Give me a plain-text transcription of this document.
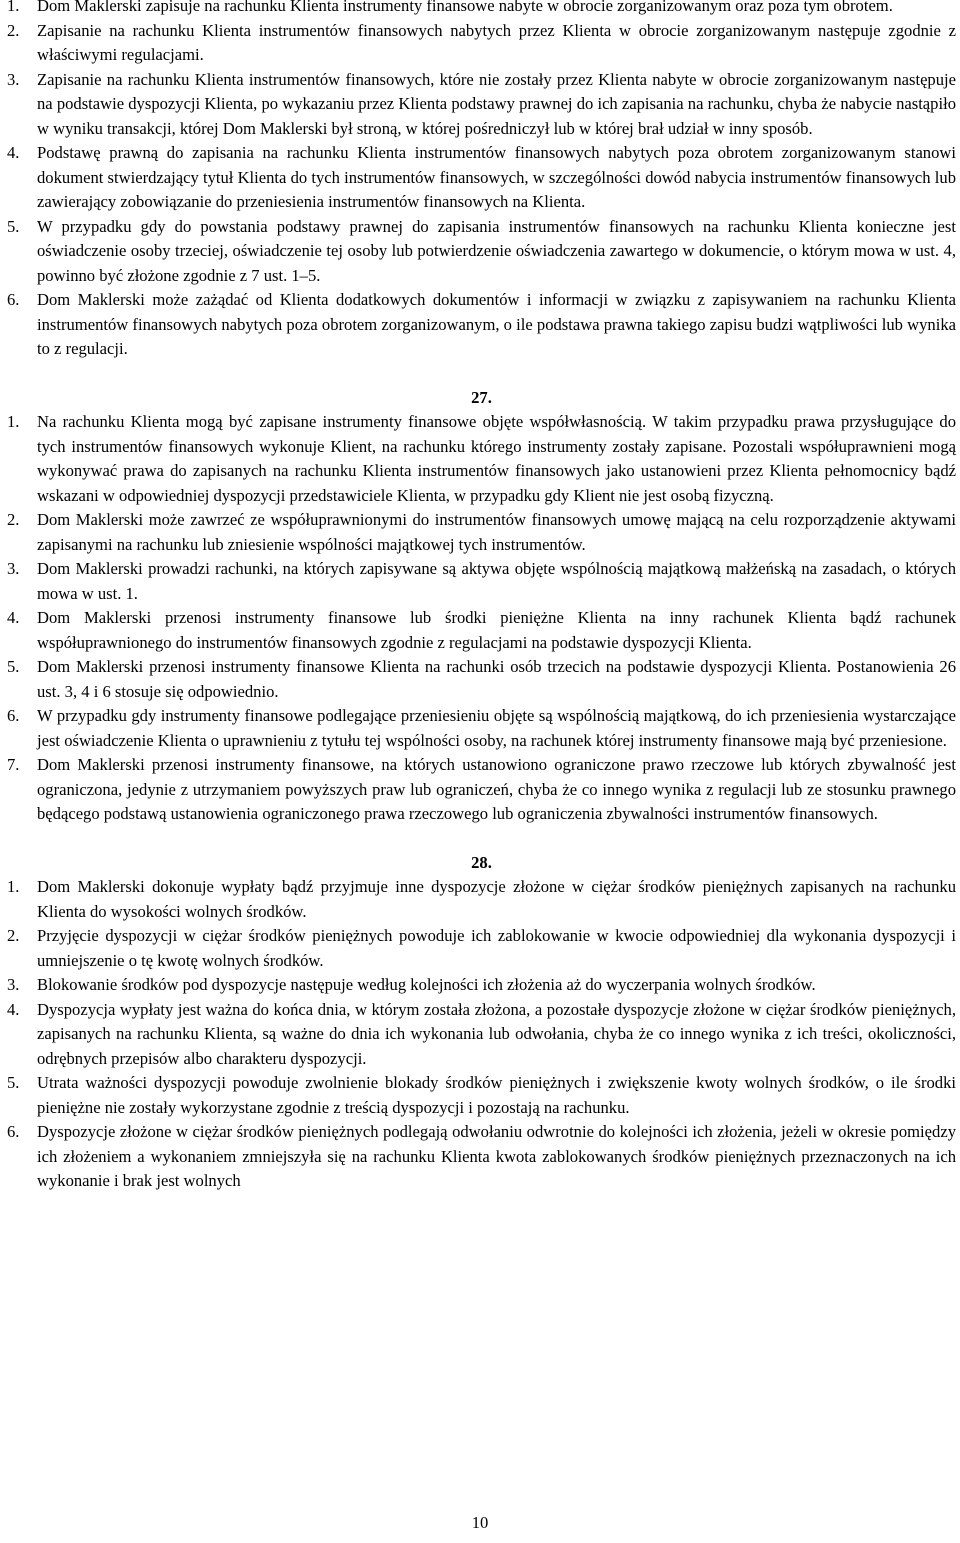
1.	Dom Maklerski zapisuje na rachunku Klienta instrumenty finansowe nabyte w obrocie zorganizowanym oraz poza tym obrotem.

2.	Zapisanie na rachunku Klienta instrumentów finansowych nabytych przez Klienta w obrocie zorganizowanym następuje zgodnie z właściwymi regulacjami.

3.	Zapisanie na rachunku Klienta instrumentów finansowych, które nie zostały przez Klienta nabyte w obrocie zorganizowanym następuje na podstawie dyspozycji Klienta, po wykazaniu przez Klienta podstawy prawnej do ich zapisania na rachunku, chyba że nabycie nastąpiło w wyniku transakcji, której Dom Maklerski był stroną, w której pośredniczył lub w której brał udział w inny sposób.

4.	Podstawę prawną do zapisania na rachunku Klienta instrumentów finansowych nabytych poza obrotem zorganizowanym stanowi dokument stwierdzający tytuł Klienta do tych instrumentów finansowych, w szczególności dowód nabycia instrumentów finansowych lub zawierający zobowiązanie do przeniesienia instrumentów finansowych na Klienta.

5.	W przypadku gdy do powstania podstawy prawnej do zapisania instrumentów finansowych na rachunku Klienta konieczne jest oświadczenie osoby trzeciej, oświadczenie tej osoby lub potwierdzenie oświadczenia zawartego w dokumencie, o którym mowa w ust. 4, powinno być złożone zgodnie z 7 ust. 1–5.

6.	Dom Maklerski może zażądać od Klienta dodatkowych dokumentów i informacji w związku z zapisywaniem na rachunku Klienta instrumentów finansowych nabytych poza obrotem zorganizowanym, o ile podstawa prawna takiego zapisu budzi wątpliwości lub wynika to z regulacji.

27.

1.	Na rachunku Klienta mogą być zapisane instrumenty finansowe objęte współwłasnością. W takim przypadku prawa przysługujące do tych instrumentów finansowych wykonuje Klient, na rachunku którego instrumenty zostały zapisane. Pozostali współuprawnieni mogą wykonywać prawa do zapisanych na rachunku Klienta instrumentów finansowych jako ustanowieni przez Klienta pełnomocnicy bądź wskazani w odpowiedniej dyspozycji przedstawiciele Klienta, w przypadku gdy Klient nie jest osobą fizyczną.

2.	Dom Maklerski może zawrzeć ze współuprawnionymi do instrumentów finansowych umowę mającą na celu rozporządzenie aktywami zapisanymi na rachunku lub zniesienie wspólności majątkowej tych instrumentów.

3.	Dom Maklerski prowadzi rachunki, na których zapisywane są aktywa objęte wspólnością majątkową małżeńską na zasadach, o których mowa w ust. 1.

4.	Dom Maklerski przenosi instrumenty finansowe lub środki pieniężne Klienta na inny rachunek Klienta bądź rachunek współuprawnionego do instrumentów finansowych zgodnie z regulacjami na podstawie dyspozycji Klienta.

5.	Dom Maklerski przenosi instrumenty finansowe Klienta na rachunki osób trzecich na podstawie dyspozycji Klienta. Postanowienia 26 ust. 3, 4 i 6 stosuje się odpowiednio.

6.	W przypadku gdy instrumenty finansowe podlegające przeniesieniu objęte są wspólnością majątkową, do ich przeniesienia wystarczające jest oświadczenie Klienta o uprawnieniu z tytułu tej wspólności osoby, na rachunek której instrumenty finansowe mają być przeniesione.

7.	Dom Maklerski przenosi instrumenty finansowe, na których ustanowiono ograniczone prawo rzeczowe lub których zbywalność jest ograniczona, jedynie z utrzymaniem powyższych praw lub ograniczeń, chyba że co innego wynika z regulacji lub ze stosunku prawnego będącego podstawą ustanowienia ograniczonego prawa rzeczowego lub ograniczenia zbywalności instrumentów finansowych.

28.

1.	Dom Maklerski dokonuje wypłaty bądź przyjmuje inne dyspozycje złożone w ciężar środków pieniężnych zapisanych na rachunku Klienta do wysokości wolnych środków.

2.	Przyjęcie dyspozycji w ciężar środków pieniężnych powoduje ich zablokowanie w kwocie odpowiedniej dla wykonania dyspozycji i umniejszenie o tę kwotę wolnych środków.

3.	Blokowanie środków pod dyspozycje następuje według kolejności ich złożenia aż do wyczerpania wolnych środków.

4.	Dyspozycja wypłaty jest ważna do końca dnia, w którym została złożona, a pozostałe dyspozycje złożone w ciężar środków pieniężnych, zapisanych na rachunku Klienta, są ważne do dnia ich wykonania lub odwołania, chyba że co innego wynika z ich treści, okoliczności, odrębnych przepisów albo charakteru dyspozycji.

5.	Utrata ważności dyspozycji powoduje zwolnienie blokady środków pieniężnych i zwiększenie kwoty wolnych środków, o ile środki pieniężne nie zostały wykorzystane zgodnie z treścią dyspozycji i pozostają na rachunku.

6.	Dyspozycje złożone w ciężar środków pieniężnych podlegają odwołaniu odwrotnie do kolejności ich złożenia, jeżeli w okresie pomiędzy ich złożeniem a wykonaniem zmniejszyła się na rachunku Klienta kwota zablokowanych środków pieniężnych przeznaczonych na ich wykonanie i brak jest wolnych

10
